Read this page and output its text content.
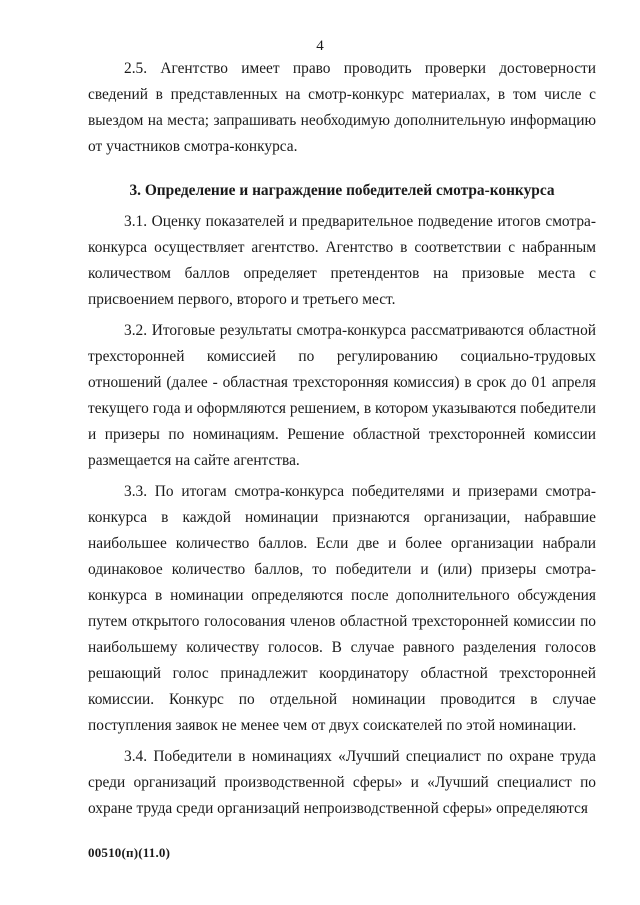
4

2.5. Агентство имеет право проводить проверки достоверности сведений в представленных на смотр-конкурс материалах, в том числе с выездом на места; запрашивать необходимую дополнительную информацию от участников смотра-конкурса.

3. Определение и награждение победителей смотра-конкурса

3.1. Оценку показателей и предварительное подведение итогов смотра-конкурса осуществляет агентство. Агентство в соответствии с набранным количеством баллов определяет претендентов на призовые места с присвоением первого, второго и третьего мест.

3.2. Итоговые результаты смотра-конкурса рассматриваются областной трехсторонней комиссией по регулированию социально-трудовых отношений (далее - областная трехсторонняя комиссия) в срок до 01 апреля текущего года и оформляются решением, в котором указываются победители и призеры по номинациям. Решение областной трехсторонней комиссии размещается на сайте агентства.

3.3. По итогам смотра-конкурса победителями и призерами смотра-конкурса в каждой номинации признаются организации, набравшие наибольшее количество баллов. Если две и более организации набрали одинаковое количество баллов, то победители и (или) призеры смотра-конкурса в номинации определяются после дополнительного обсуждения путем открытого голосования членов областной трехсторонней комиссии по наибольшему количеству голосов. В случае равного разделения голосов решающий голос принадлежит координатору областной трехсторонней комиссии. Конкурс по отдельной номинации проводится в случае поступления заявок не менее чем от двух соискателей по этой номинации.

3.4. Победители в номинациях «Лучший специалист по охране труда среди организаций производственной сферы» и «Лучший специалист по охране труда среди организаций непроизводственной сферы» определяются

00510(п)(11.0)
